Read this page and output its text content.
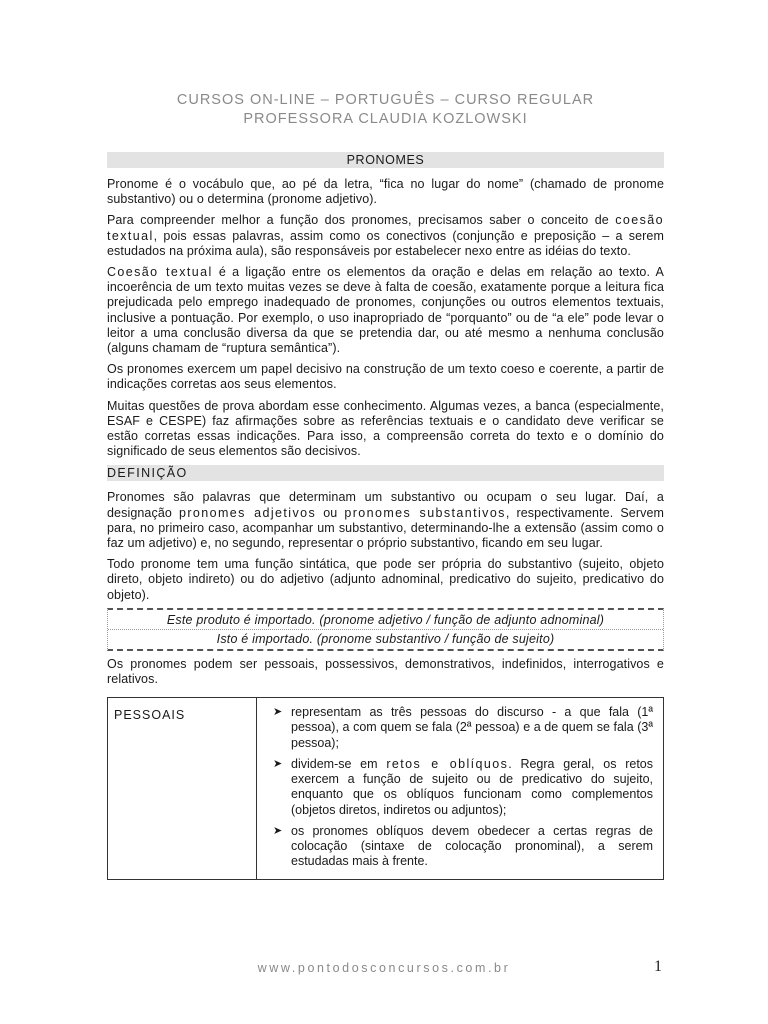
CURSOS ON-LINE – PORTUGUÊS – CURSO REGULAR
PROFESSORA CLAUDIA KOZLOWSKI
PRONOMES

Pronome é o vocábulo que, ao pé da letra, “fica no lugar do nome” (chamado de pronome substantivo) ou o determina (pronome adjetivo).

Para compreender melhor a função dos pronomes, precisamos saber o conceito de coesão textual, pois essas palavras, assim como os conectivos (conjunção e preposição – a serem estudados na próxima aula), são responsáveis por estabelecer nexo entre as idéias do texto.

Coesão textual é a ligação entre os elementos da oração e delas em relação ao texto. A incoerência de um texto muitas vezes se deve à falta de coesão, exatamente porque a leitura fica prejudicada pelo emprego inadequado de pronomes, conjunções ou outros elementos textuais, inclusive a pontuação. Por exemplo, o uso inapropriado de “porquanto” ou de “a ele” pode levar o leitor a uma conclusão diversa da que se pretendia dar, ou até mesmo a nenhuma conclusão (alguns chamam de “ruptura semântica”).

Os pronomes exercem um papel decisivo na construção de um texto coeso e coerente, a partir de indicações corretas aos seus elementos.

Muitas questões de prova abordam esse conhecimento. Algumas vezes, a banca (especialmente, ESAF e CESPE) faz afirmações sobre as referências textuais e o candidato deve verificar se estão corretas essas indicações. Para isso, a compreensão correta do texto e o domínio do significado de seus elementos são decisivos.

DEFINIÇÃO

Pronomes são palavras que determinam um substantivo ou ocupam o seu lugar. Daí, a designação pronomes adjetivos ou pronomes substantivos, respectivamente. Servem para, no primeiro caso, acompanhar um substantivo, determinando-lhe a extensão (assim como o faz um adjetivo) e, no segundo, representar o próprio substantivo, ficando em seu lugar.

Todo pronome tem uma função sintática, que pode ser própria do substantivo (sujeito, objeto direto, objeto indireto) ou do adjetivo (adjunto adnominal, predicativo do sujeito, predicativo do objeto).

Este produto é importado. (pronome adjetivo / função de adjunto adnominal)
Isto é importado. (pronome substantivo / função de sujeito)

Os pronomes podem ser pessoais, possessivos, demonstrativos, indefinidos, interrogativos e relativos.

PESSOAIS	➤ representam as três pessoas do discurso - a que fala (1ª pessoa), a com quem se fala (2ª pessoa) e a de quem se fala (3ª pessoa);
➤ dividem-se em retos e oblíquos. Regra geral, os retos exercem a função de sujeito ou de predicativo do sujeito, enquanto que os oblíquos funcionam como complementos (objetos diretos, indiretos ou adjuntos);
➤ os pronomes oblíquos devem obedecer a certas regras de colocação (sintaxe de colocação pronominal), a serem estudadas mais à frente.
www.pontodosconcursos.com.br	1
